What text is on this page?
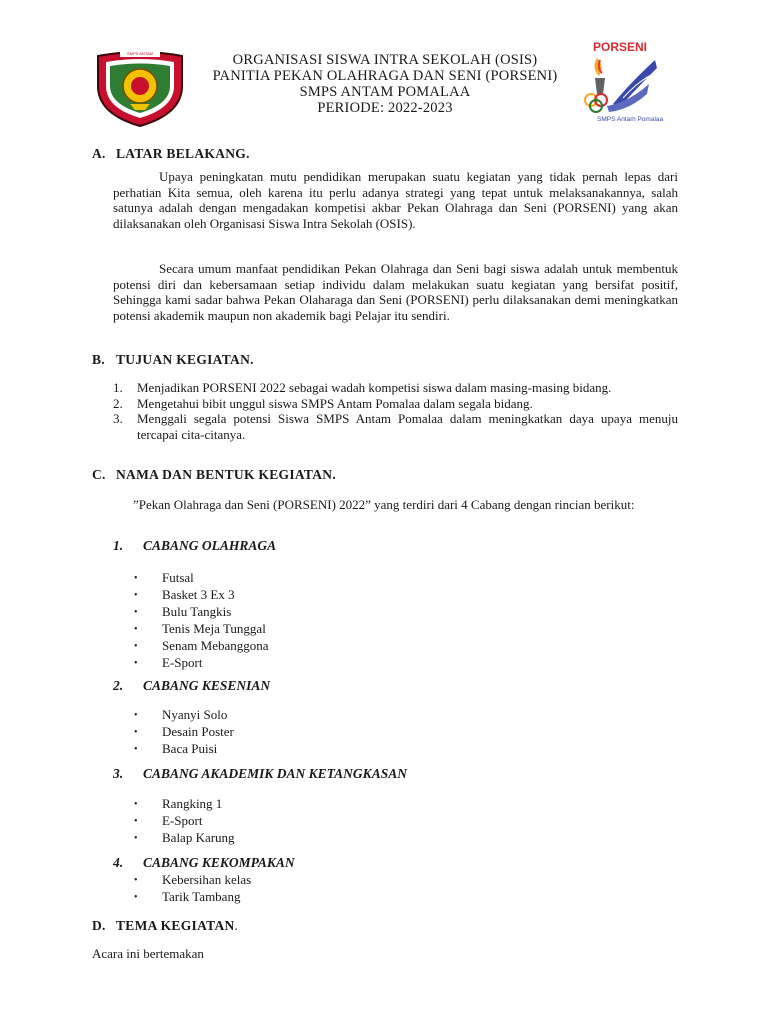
SMPS ANTAM	ORGANISASI SISWA INTRA SEKOLAH (OSIS)
PANITIA PEKAN OLAHRAGA DAN SENI (PORSENI)
SMPS ANTAM POMALAA
PERIODE: 2022-2023
PORSENI
SMPS Antam Pomalaa
A. LATAR BELAKANG.

Upaya peningkatan mutu pendidikan merupakan suatu kegiatan yang tidak pernah lepas dari perhatian Kita semua, oleh karena itu perlu adanya strategi yang tepat untuk melaksanakannya, salah satunya adalah dengan mengadakan kompetisi akbar Pekan Olahraga dan Seni (PORSENI) yang akan dilaksanakan oleh Organisasi Siswa Intra Sekolah (OSIS).

Secara umum manfaat pendidikan Pekan Olahraga dan Seni bagi siswa adalah untuk membentuk potensi diri dan kebersamaan setiap individu dalam melakukan suatu kegiatan yang bersifat positif, Sehingga kami sadar bahwa Pekan Olaharaga dan Seni (PORSENI) perlu dilaksanakan demi meningkatkan potensi akademik maupun non akademik bagi Pelajar itu sendiri.

B. TUJUAN KEGIATAN.
1. Menjadikan PORSENI 2022 sebagai wadah kompetisi siswa dalam masing-masing bidang.
2. Mengetahui bibit unggul siswa SMPS Antam Pomalaa dalam segala bidang.
3. Menggali segala potensi Siswa SMPS Antam Pomalaa dalam meningkatkan daya upaya menuju tercapai cita-citanya.
C. NAMA DAN BENTUK KEGIATAN.

”Pekan Olahraga dan Seni (PORSENI) 2022” yang terdiri dari 4 Cabang dengan rincian berikut:

1. CABANG OLAHRAGA
• Futsal
• Basket 3 Ex 3
• Bulu Tangkis
• Tenis Meja Tunggal
• Senam Mebanggona
• E-Sport
2. CABANG KESENIAN
• Nyanyi Solo
• Desain Poster
• Baca Puisi
3. CABANG AKADEMIK DAN KETANGKASAN
• Rangking 1
• E-Sport
• Balap Karung
4. CABANG KEKOMPAKAN
• Kebersihan kelas
• Tarik Tambang
D. TEMA KEGIATAN.
Acara ini bertemakan
